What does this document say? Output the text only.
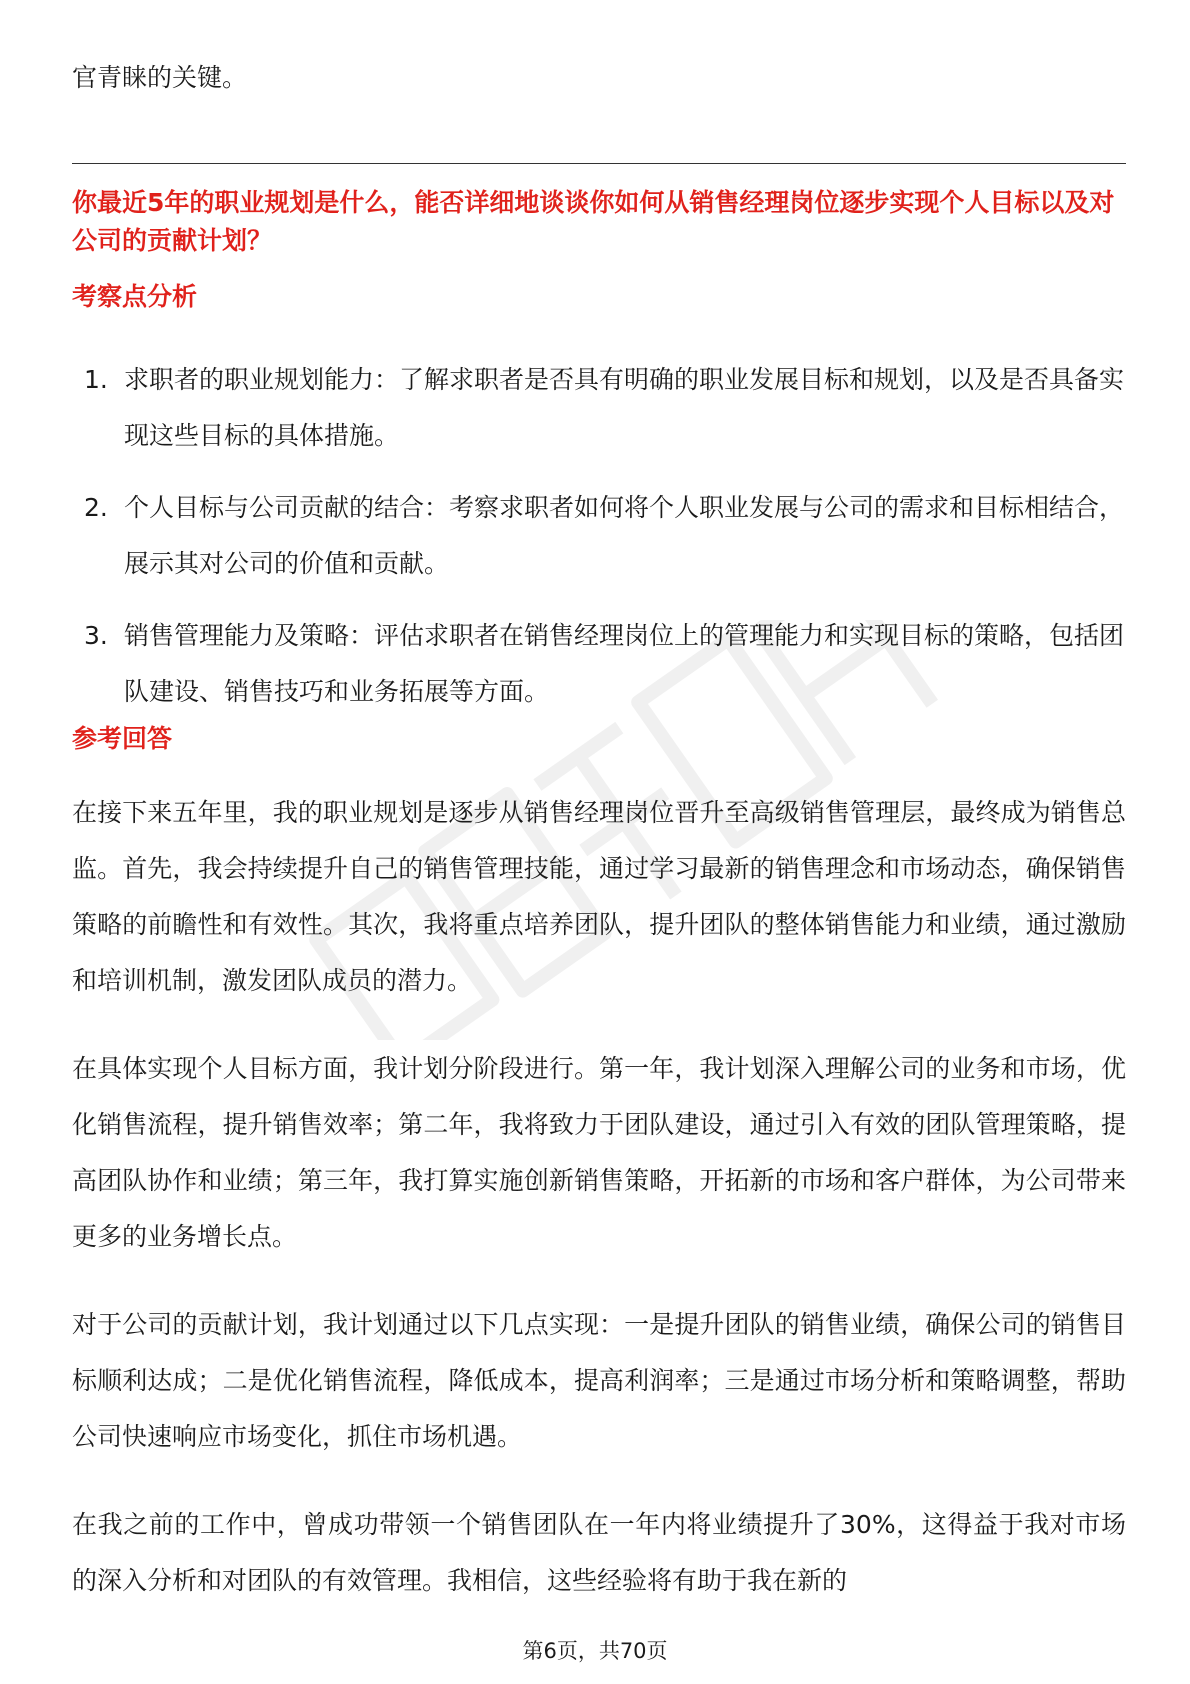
官青睐的关键。
你最近5年的职业规划是什么，能否详细地谈谈你如何从销售经理岗位逐步实现个人目标以及对公司的贡献计划？
考察点分析
1. 求职者的职业规划能力：了解求职者是否具有明确的职业发展目标和规划，以及是否具备实现这些目标的具体措施。
2. 个人目标与公司贡献的结合：考察求职者如何将个人职业发展与公司的需求和目标相结合，展示其对公司的价值和贡献。
3. 销售管理能力及策略：评估求职者在销售经理岗位上的管理能力和实现目标的策略，包括团队建设、销售技巧和业务拓展等方面。
参考回答

在接下来五年里，我的职业规划是逐步从销售经理岗位晋升至高级销售管理层，最终成为销售总监。首先，我会持续提升自己的销售管理技能，通过学习最新的销售理念和市场动态，确保销售策略的前瞻性和有效性。其次，我将重点培养团队，提升团队的整体销售能力和业绩，通过激励和培训机制，激发团队成员的潜力。

在具体实现个人目标方面，我计划分阶段进行。第一年，我计划深入理解公司的业务和市场，优化销售流程，提升销售效率；第二年，我将致力于团队建设，通过引入有效的团队管理策略，提高团队协作和业绩；第三年，我打算实施创新销售策略，开拓新的市场和客户群体，为公司带来更多的业务增长点。

对于公司的贡献计划，我计划通过以下几点实现：一是提升团队的销售业绩，确保公司的销售目标顺利达成；二是优化销售流程，降低成本，提高利润率；三是通过市场分析和策略调整，帮助公司快速响应市场变化，抓住市场机遇。

在我之前的工作中，曾成功带领一个销售团队在一年内将业绩提升了30%，这得益于我对市场的深入分析和对团队的有效管理。我相信，这些经验将有助于我在新的

第6页，共70页
